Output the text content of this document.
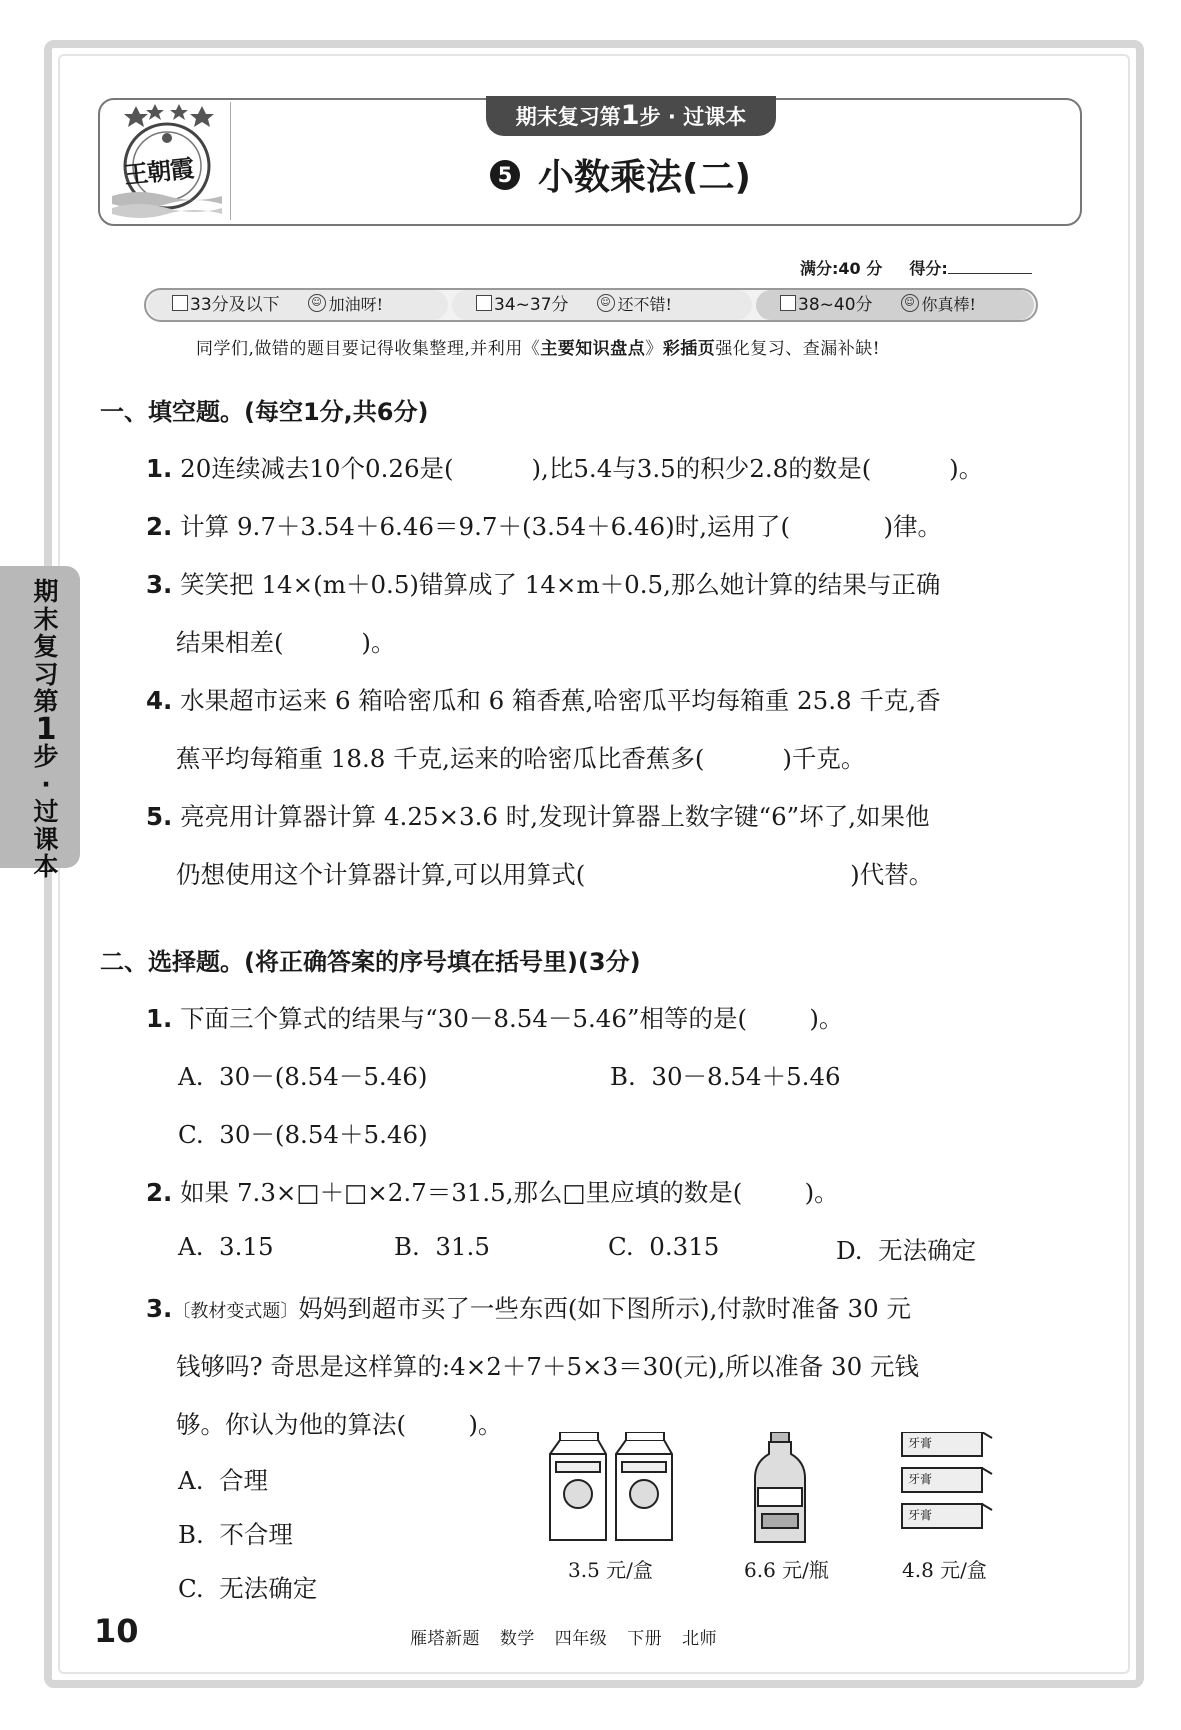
王朝霞
期末复习第1步 · 过课本
5 小数乘法(二)
满分:40 分 得分:
33分及以下	☺ 加油呀!	34~37分	☺ 还不错!	38~40分	☺ 你真棒!
同学们,做错的题目要记得收集整理,并利用《主要知识盘点》彩插页强化复习、查漏补缺!
期
末
复
习
第
1
步
·
过
课
本
一、填空题。(每空1分,共6分)
1. 20连续减去10个0.26是(          ),比5.4与3.5的积少2.8的数是(          )。
2. 计算 9.7＋3.54＋6.46＝9.7＋(3.54＋6.46)时,运用了(            )律。
3. 笑笑把 14×(m＋0.5)错算成了 14×m＋0.5,那么她计算的结果与正确
结果相差(          )。
4. 水果超市运来 6 箱哈密瓜和 6 箱香蕉,哈密瓜平均每箱重 25.8 千克,香
蕉平均每箱重 18.8 千克,运来的哈密瓜比香蕉多(          )千克。
5. 亮亮用计算器计算 4.25×3.6 时,发现计算器上数字键“6”坏了,如果他
仍想使用这个计算器计算,可以用算式(                                  )代替。
二、选择题。(将正确答案的序号填在括号里)(3分)
1. 下面三个算式的结果与“30－8.54－5.46”相等的是(        )。
A.  30－(8.54－5.46)	B.  30－8.54＋5.46
C.  30－(8.54＋5.46)
2. 如果 7.3×□＋□×2.7＝31.5,那么□里应填的数是(        )。
A.  3.15	B.  31.5	C.  0.315	D.  无法确定
3.〔教材变式题〕妈妈到超市买了一些东西(如下图所示),付款时准备 30 元
钱够吗? 奇思是这样算的:4×2＋7＋5×3＝30(元),所以准备 30 元钱
够。你认为他的算法(        )。
A.  合理
B.  不合理
C.  无法确定
牙膏
牙膏
牙膏
3.5 元/盒	6.6 元/瓶	4.8 元/盒
10	雁塔新题 数学 四年级 下册 北师
